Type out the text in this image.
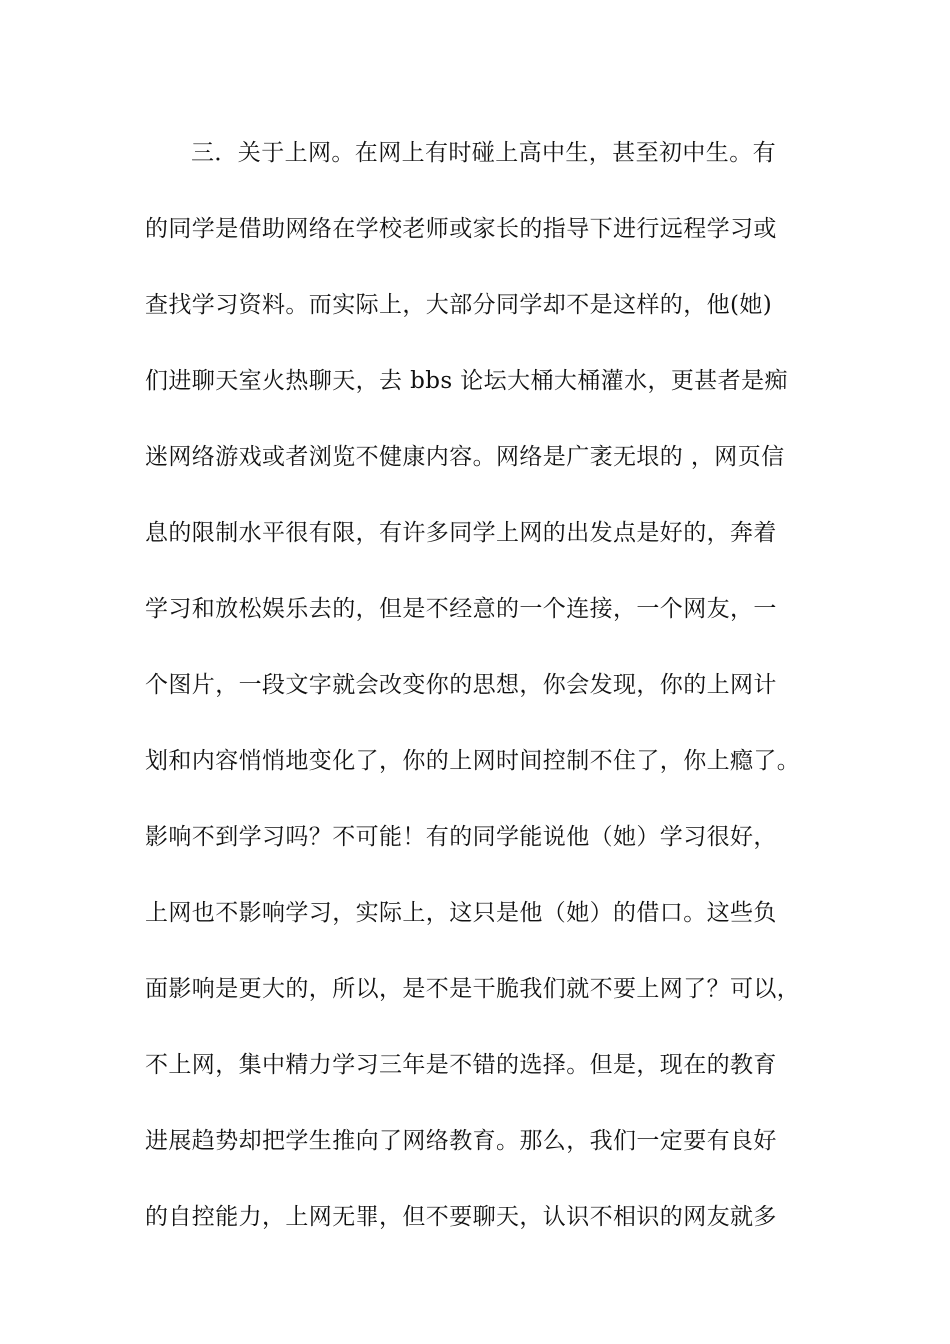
三．关于上网。在网上有时碰上高中生，甚至初中生。有
的同学是借助网络在学校老师或家长的指导下进行远程学习或
查找学习资料。而实际上，大部分同学却不是这样的，他(她)
们进聊天室火热聊天，去 bbs 论坛大桶大桶灌水，更甚者是痴
迷网络游戏或者浏览不健康内容。网络是广袤无垠的 ，网页信
息的限制水平很有限，有许多同学上网的出发点是好的，奔着
学习和放松娱乐去的，但是不经意的一个连接，一个网友，一
个图片，一段文字就会改变你的思想，你会发现，你的上网计
划和内容悄悄地变化了，你的上网时间控制不住了，你上瘾了。
影响不到学习吗？不可能！有的同学能说他（她）学习很好，
上网也不影响学习，实际上，这只是他（她）的借口。这些负
面影响是更大的，所以，是不是干脆我们就不要上网了？可以，
不上网，集中精力学习三年是不错的选择。但是，现在的教育
进展趋势却把学生推向了网络教育。那么，我们一定要有良好
的自控能力，上网无罪，但不要聊天，认识不相识的网友就多
